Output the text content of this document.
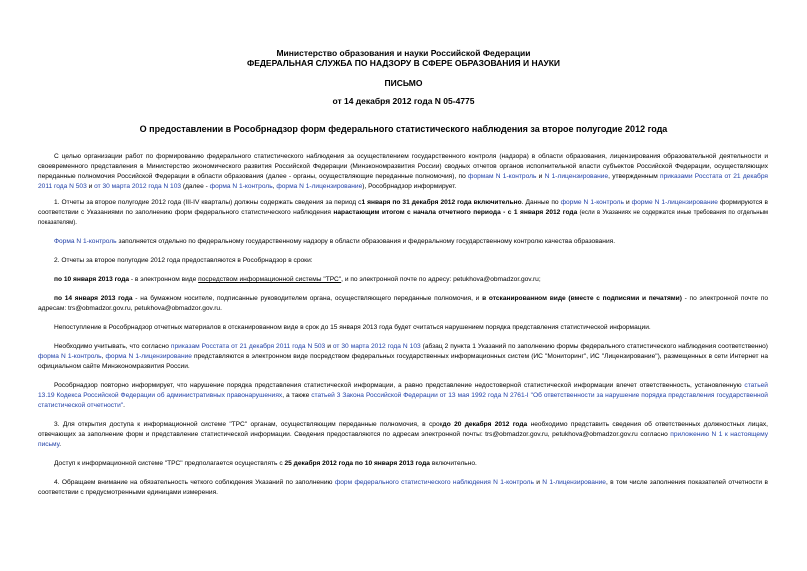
Министерство образования и науки Российской Федерации
ФЕДЕРАЛЬНАЯ СЛУЖБА ПО НАДЗОРУ В СФЕРЕ ОБРАЗОВАНИЯ И НАУКИ
ПИСЬМО
от 14 декабря 2012 года N 05-4775
О предоставлении в Рособрнадзор форм федерального статистического наблюдения за второе полугодие 2012 года

С целью организации работ по формированию федерального статистического наблюдения за осуществлением государственного контроля (надзора) в области образования, лицензирования образовательной деятельности и своевременного представления в Министерство экономического развития Российской Федерации (Минэкономразвития России) сводных отчетов органов исполнительной власти субъектов Российской Федерации, осуществляющих переданные полномочия Российской Федерации в области образования (далее - органы, осуществляющие переданные полномочия), по формам N 1-контроль и N 1-лицензирование, утвержденным приказами Росстата от 21 декабря 2011 года N 503 и от 30 марта 2012 года N 103 (далее - форма N 1-контроль, форма N 1-лицензирование), Рособрнадзор информирует.

1. Отчеты за второе полугодие 2012 года (III-IV кварталы) должны содержать сведения за период с1 января по 31 декабря 2012 года включительно. Данные по форме N 1-контроль и форме N 1-лицензирование формируются в соответствии с Указаниями по заполнению форм федерального статистического наблюдения нарастающим итогом с начала отчетного периода - с 1 января 2012 года (если в Указаниях не содержатся иные требования по отдельным показателям).

Форма N 1-контроль заполняется отдельно по федеральному государственному надзору в области образования и федеральному государственному контролю качества образования.

2. Отчеты за второе полугодие 2012 года предоставляются в Рособрнадзор в сроки:

по 10 января 2013 года - в электронном виде посредством информационной системы "ТРС", и по электронной почте по адресу: petukhova@obmadzor.gov.ru;

по 14 января 2013 года - на бумажном носителе, подписанные руководителем органа, осуществляющего переданные полномочия, и в отсканированном виде (вместе с подписями и печатями) - по электронной почте по адресам: trs@obmadzor.gov.ru, petukhova@obmadzor.gov.ru.

Непоступление в Рособрнадзор отчетных материалов в отсканированном виде в срок до 15 января 2013 года будет считаться нарушением порядка представления статистической информации.

Необходимо учитывать, что согласно приказам Росстата от 21 декабря 2011 года N 503 и от 30 марта 2012 года N 103 (абзац 2 пункта 1 Указаний по заполнению формы федерального статистического наблюдения соответственно) форма N 1-контроль, форма N 1-лицензирование представляются в электронном виде посредством федеральных государственных информационных систем (ИС "Мониторинг", ИС "Лицензирование"), размещенных в сети Интернет на официальном сайте Минэкономразвития России.

Рособрнадзор повторно информирует, что нарушение порядка представления статистической информации, а равно представление недостоверной статистической информации влечет ответственность, установленную статьей 13.19 Кодекса Российской Федерации об административных правонарушениях, а также статьей 3 Закона Российской Федерации от 13 мая 1992 года N 2761-I "Об ответственности за нарушение порядка представления государственной статистической отчетности".

3. Для открытия доступа к информационной системе "ТРС" органам, осуществляющим переданные полномочия, в срокдо 20 декабря 2012 года необходимо представить сведения об ответственных должностных лицах, отвечающих за заполнение форм и представление статистической информации. Сведения предоставляются по адресам электронной почты: trs@obmadzor.gov.ru, petukhova@obmadzor.gov.ru согласно приложению N 1 к настоящему письму.

Доступ к информационной системе "ТРС" предполагается осуществлять с 25 декабря 2012 года по 10 января 2013 года включительно.

4. Обращаем внимание на обязательность четкого соблюдения Указаний по заполнению форм федерального статистического наблюдения N 1-контроль и N 1-лицензирование, в том числе заполнения показателей отчетности в соответствии с предусмотренными единицами измерения.
